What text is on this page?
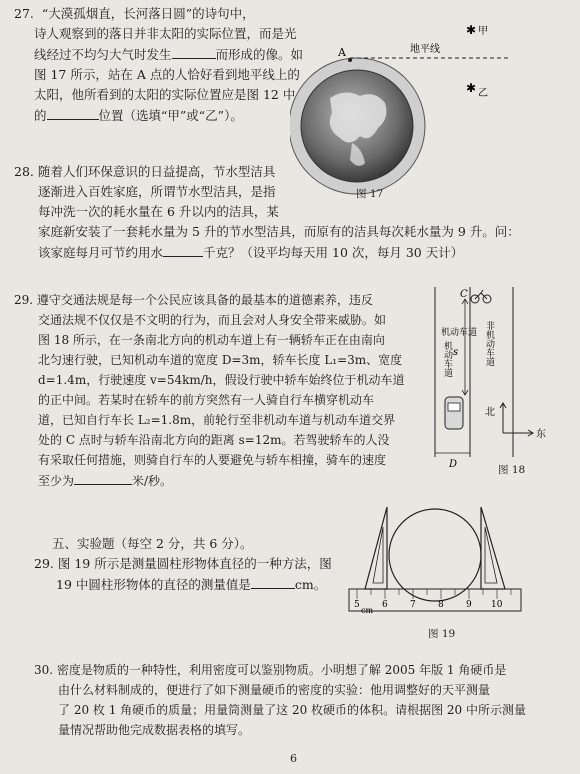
27. “大漠孤烟直，长河落日圆”的诗句中，

诗人观察到的落日并非太阳的实际位置，而是光

线经过不均匀大气时发生	而形成的像。如

图 17 所示，站在 A 点的人恰好看到地平线上的

太阳，他所看到的太阳的实际位置应是图 12 中

的	位置（选填“甲”或“乙”）。

A	地平线
✱ 甲
✱ 乙
图 17

28. 随着人们环保意识的日益提高，节水型洁具

逐渐进入百姓家庭，所谓节水型洁具，是指

每冲洗一次的耗水量在 6 升以内的洁具，某

家庭新安装了一套耗水量为 5 升的节水型洁具，而原有的洁具每次耗水量为 9 升。问：

该家庭每月可节约用水	千克？（设平均每天用 10 次，每月 30 天计）

29. 遵守交通法规是每一个公民应该具备的最基本的道德素养，违反

交通法规不仅仅是不文明的行为，而且会对人身安全带来威胁。如

图 18 所示，在一条南北方向的机动车道上有一辆轿车正在由南向

北匀速行驶，已知机动车道的宽度 D=3m，轿车长度 L₁=3m、宽度

d=1.4m，行驶速度 v=54km/h，假设行驶中轿车始终位于机动车道

的正中间。若某时在轿车的前方突然有一人骑自行车横穿机动车

道，已知自行车长 L₂=1.8m，前轮行至非机动车道与机动车道交界

处的 C 点时与轿车沿南北方向的距离 s=12m。若驾驶轿车的人没

有采取任何措施，则骑自行车的人要避免与轿车相撞，骑车的速度

至少为	米/秒。

C
s
机动车道 非机动车道
机动车道
北
东
D	图 18

五、实验题（每空 2 分，共 6 分）。

29. 图 19 所示是测量圆柱形物体直径的一种方法，图

19 中圆柱形物体的直径的测量值是	cm。

5 6 7 8 9 10
cm
图 19

30. 密度是物质的一种特性，利用密度可以鉴别物质。小明想了解 2005 年版 1 角硬币是

由什么材料制成的，便进行了如下测量硬币的密度的实验：他用调整好的天平测量

了 20 枚 1 角硬币的质量；用量筒测量了这 20 枚硬币的体积。请根据图 20 中所示测量

量情况帮助他完成数据表格的填写。

6
